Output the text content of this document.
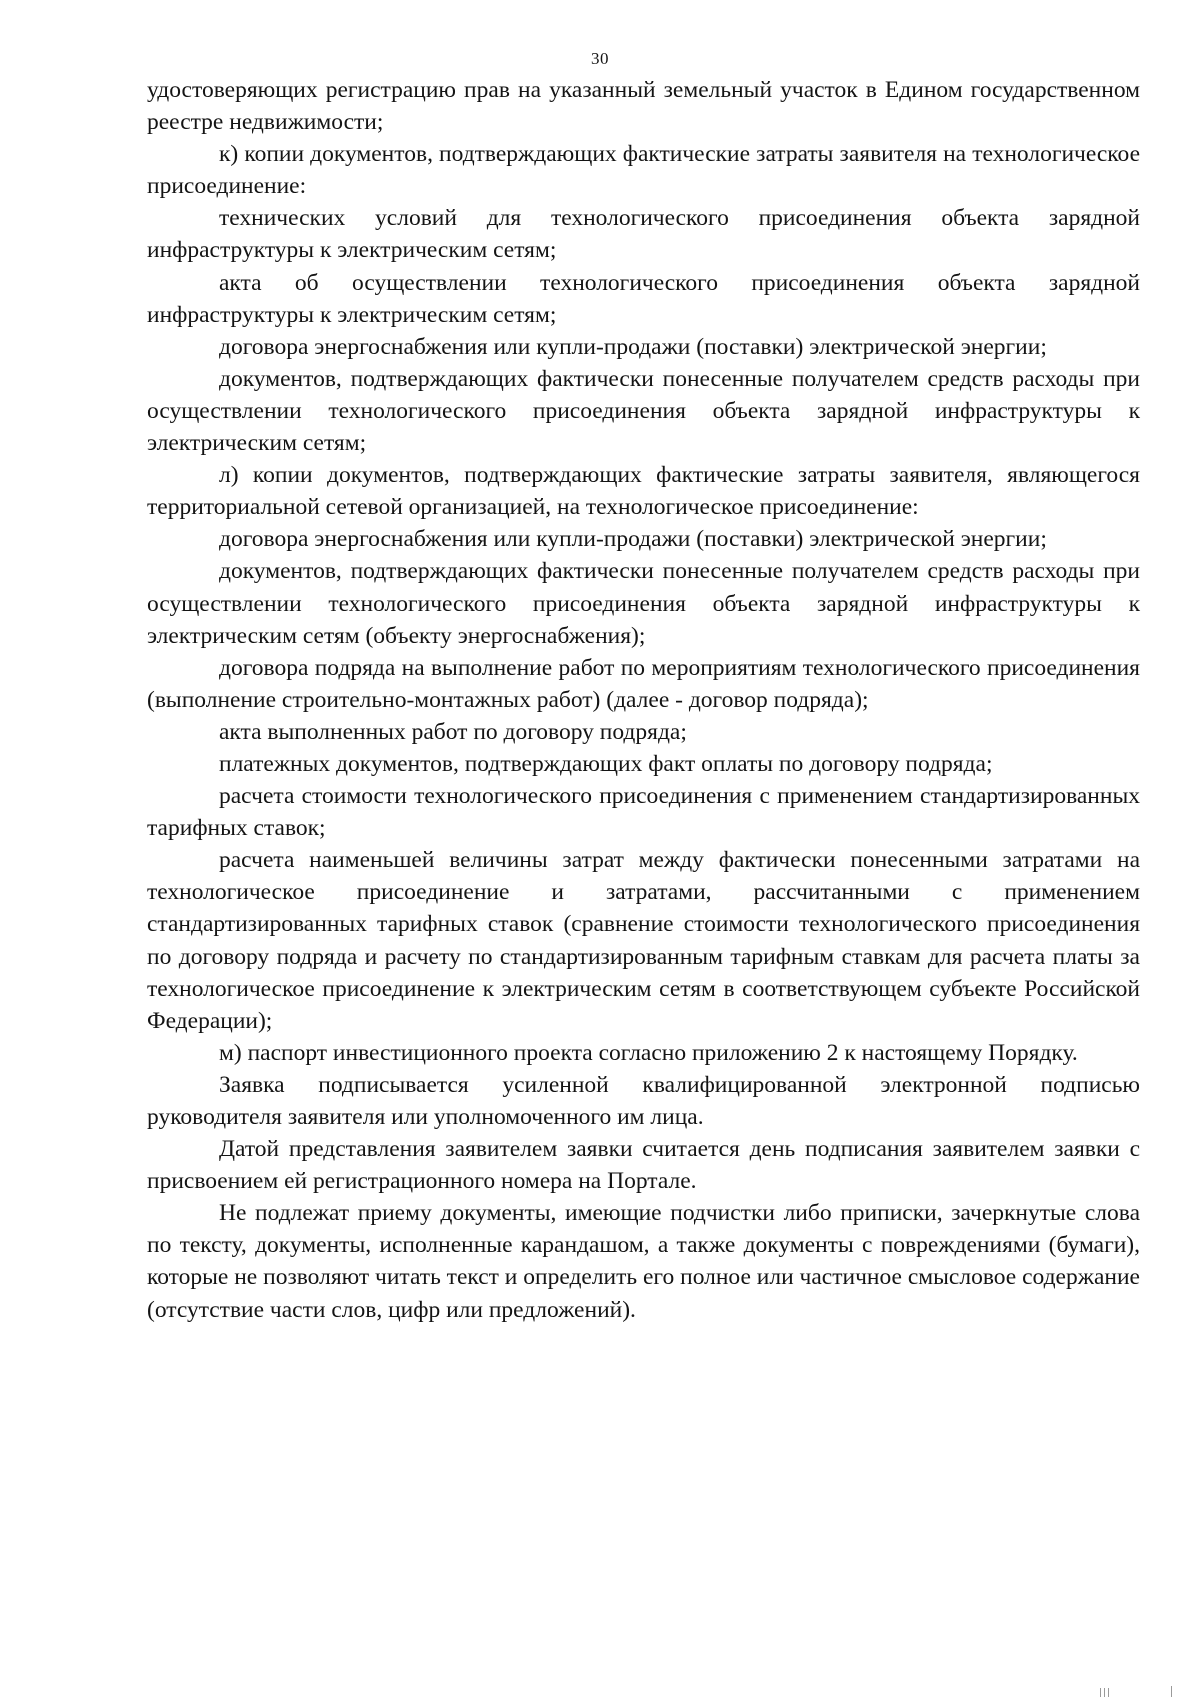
30

удостоверяющих регистрацию прав на указанный земельный участок в Едином государственном реестре недвижимости;

к) копии документов, подтверждающих фактические затраты заявителя на технологическое присоединение:

технических условий для технологического присоединения объекта зарядной инфраструктуры к электрическим сетям;

акта об осуществлении технологического присоединения объекта зарядной инфраструктуры к электрическим сетям;

договора энергоснабжения или купли-продажи (поставки) электрической энергии;

документов, подтверждающих фактически понесенные получателем средств расходы при осуществлении технологического присоединения объекта зарядной инфраструктуры к электрическим сетям;

л) копии документов, подтверждающих фактические затраты заявителя, являющегося территориальной сетевой организацией, на технологическое присоединение:

договора энергоснабжения или купли-продажи (поставки) электрической энергии;

документов, подтверждающих фактически понесенные получателем средств расходы при осуществлении технологического присоединения объекта зарядной инфраструктуры к электрическим сетям (объекту энергоснабжения);

договора подряда на выполнение работ по мероприятиям технологического присоединения (выполнение строительно-монтажных работ) (далее - договор подряда);

акта выполненных работ по договору подряда;

платежных документов, подтверждающих факт оплаты по договору подряда;

расчета стоимости технологического присоединения с применением стандартизированных тарифных ставок;

расчета наименьшей величины затрат между фактически понесенными затратами на технологическое присоединение и затратами, рассчитанными с применением стандартизированных тарифных ставок (сравнение стоимости технологического присоединения по договору подряда и расчету по стандартизированным тарифным ставкам для расчета платы за технологическое присоединение к электрическим сетям в соответствующем субъекте Российской Федерации);

м) паспорт инвестиционного проекта согласно приложению 2 к настоящему Порядку.

Заявка подписывается усиленной квалифицированной электронной подписью руководителя заявителя или уполномоченного им лица.

Датой представления заявителем заявки считается день подписания заявителем заявки с присвоением ей регистрационного номера на Портале.

Не подлежат приему документы, имеющие подчистки либо приписки, зачеркнутые слова по тексту, документы, исполненные карандашом, а также документы с повреждениями (бумаги), которые не позволяют читать текст и определить его полное или частичное смысловое содержание (отсутствие части слов, цифр или предложений).
